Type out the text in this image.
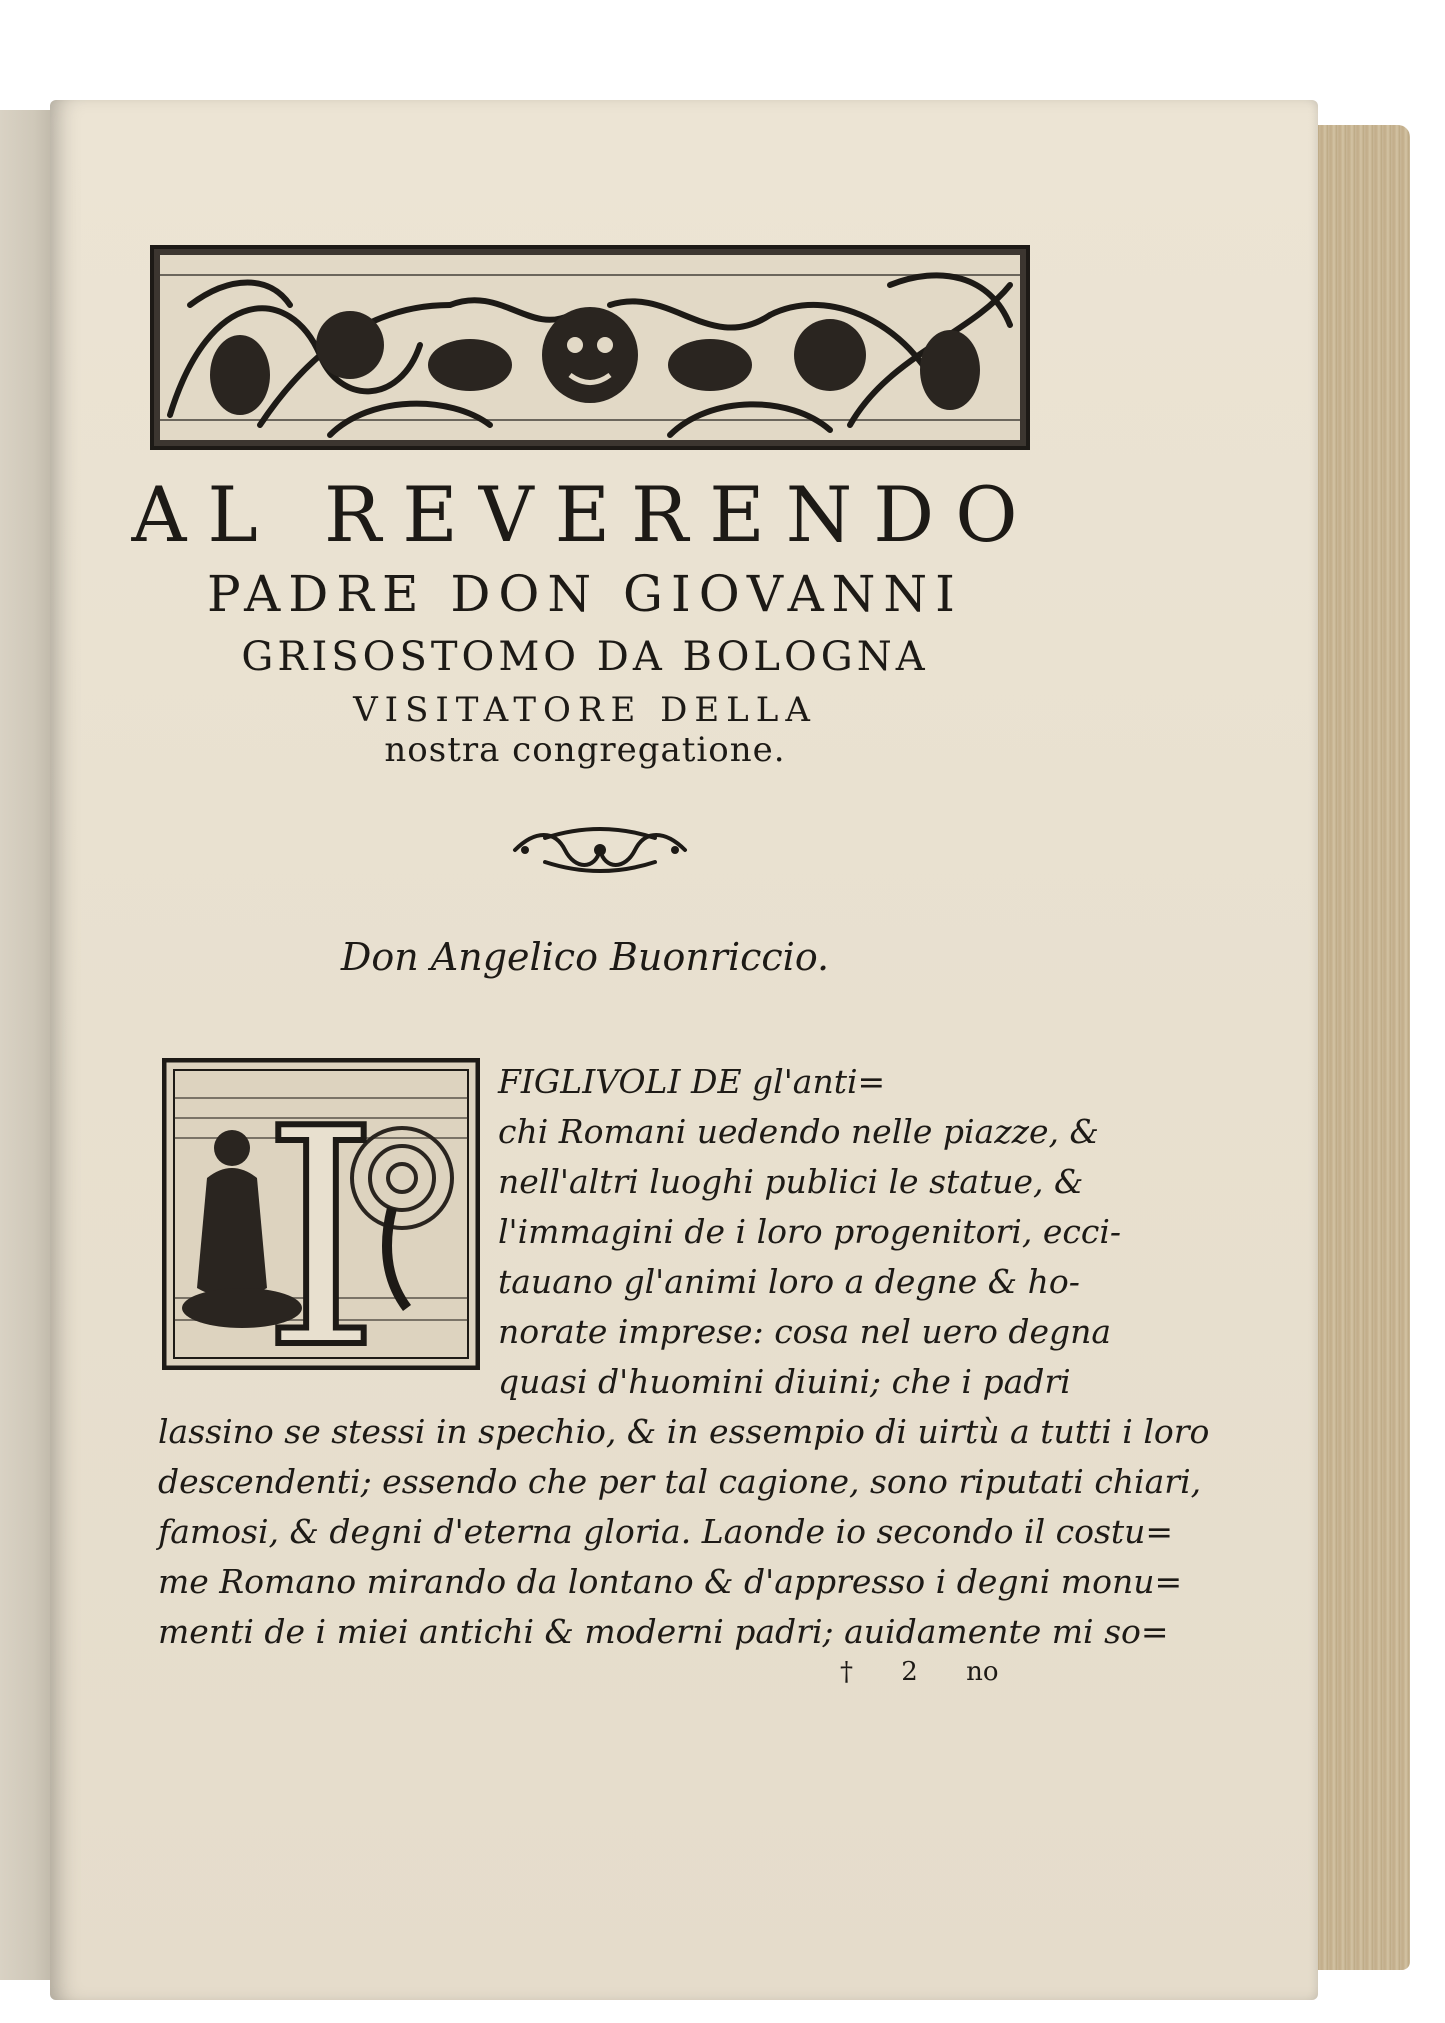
AL REVERENDO
PADRE DON GIOVANNI
GRISOSTOMO DA BOLOGNA
VISITATORE DELLA
nostra congregatione.
Don Angelico Buonriccio.
I	FIGLIVOLI DE gl'anti=
chi Romani uedendo nelle piazze, &
nell'altri luoghi publici le statue, &
l'immagini de i loro progenitori, ecci-
tauano gl'animi loro a degne & ho-
norate imprese: cosa nel uero degna
quasi d'huomini diuini; che i padri
lassino se stessi in spechio, & in essempio di uirtù a tutti i loro
descendenti; essendo che per tal cagione, sono riputati chiari,
famosi, & degni d'eterna gloria. Laonde io secondo il costu=
me Romano mirando da lontano & d'appresso i degni monu=
menti de i miei antichi & moderni padri; auidamente mi so=
† 2 no
